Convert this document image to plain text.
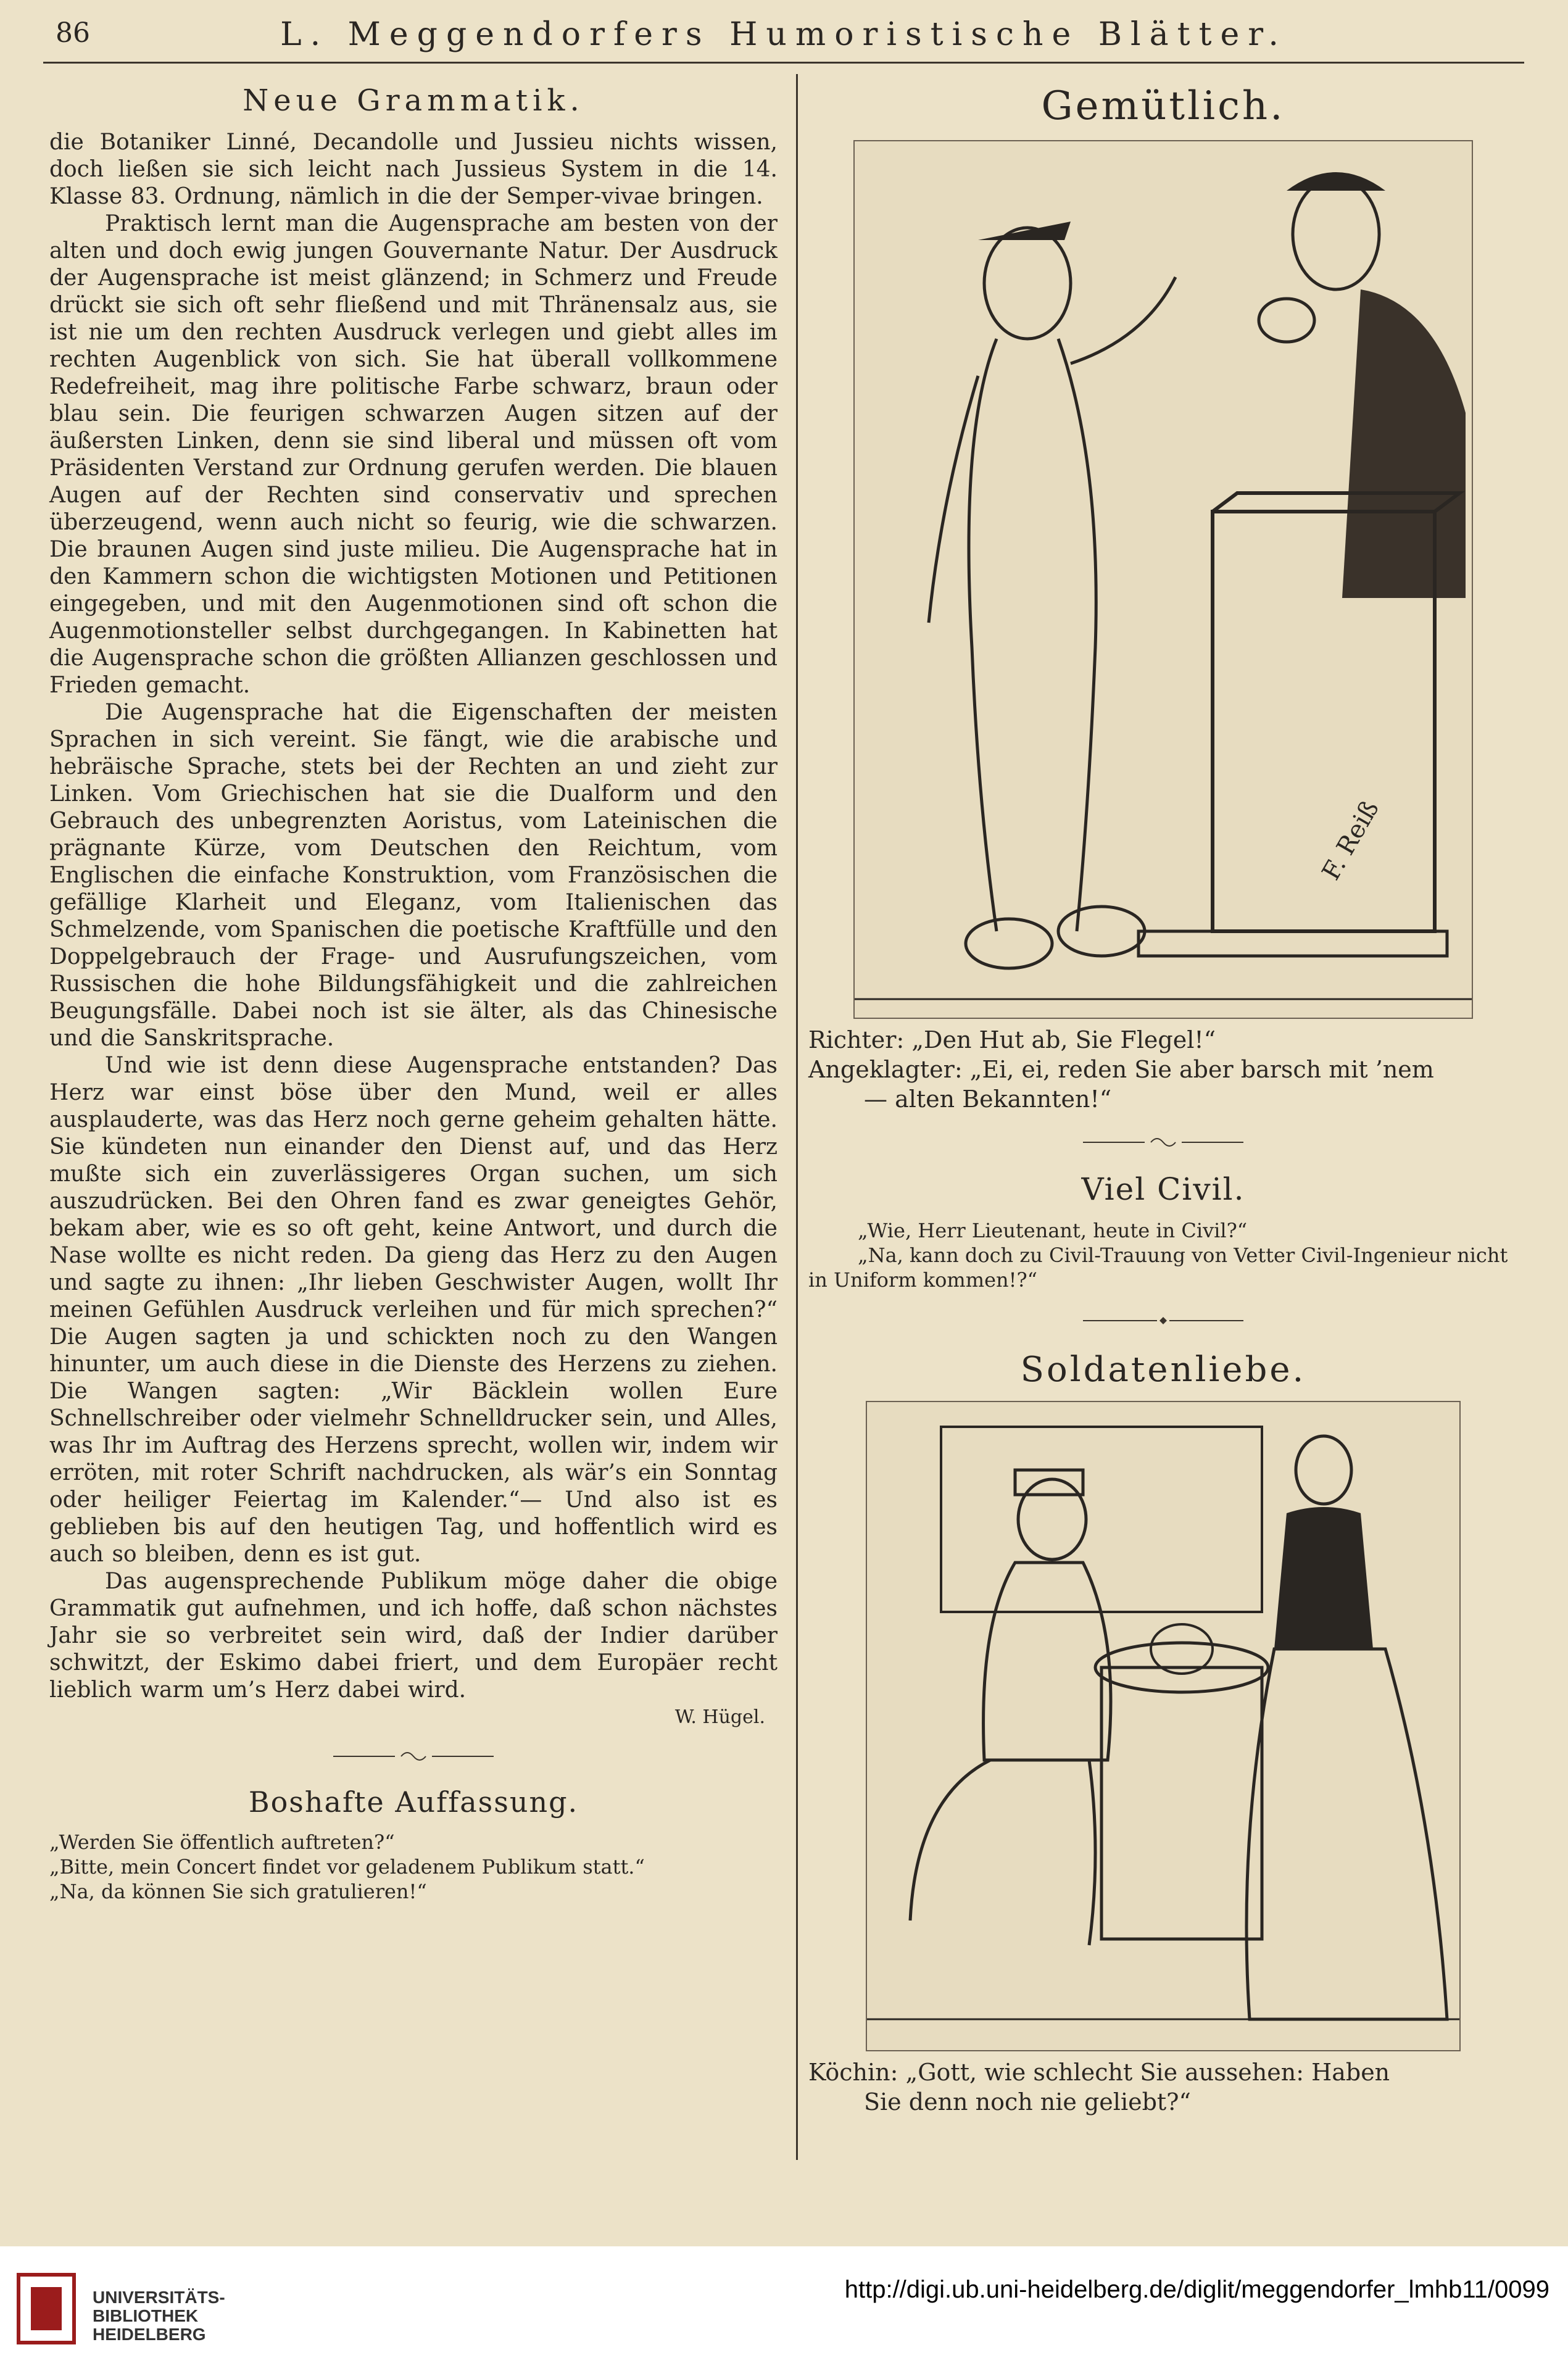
86	L. Meggendorfers Humoristische Blätter.
Neue Grammatik.

die Botaniker Linné, Decandolle und Jussieu nichts wissen, doch ließen sie sich leicht nach Jussieus System in die 14. Klasse 83. Ordnung, nämlich in die der Semper-vivae bringen.

Praktisch lernt man die Augensprache am besten von der alten und doch ewig jungen Gouvernante Natur. Der Ausdruck der Augensprache ist meist glänzend; in Schmerz und Freude drückt sie sich oft sehr fließend und mit Thränensalz aus, sie ist nie um den rechten Ausdruck verlegen und giebt alles im rechten Augenblick von sich. Sie hat überall vollkommene Redefreiheit, mag ihre politische Farbe schwarz, braun oder blau sein. Die feurigen schwarzen Augen sitzen auf der äußersten Linken, denn sie sind liberal und müssen oft vom Präsidenten Verstand zur Ordnung gerufen werden. Die blauen Augen auf der Rechten sind conservativ und sprechen überzeugend, wenn auch nicht so feurig, wie die schwarzen. Die braunen Augen sind juste milieu. Die Augensprache hat in den Kammern schon die wichtigsten Motionen und Petitionen eingegeben, und mit den Augenmotionen sind oft schon die Augenmotionsteller selbst durchgegangen. In Kabinetten hat die Augensprache schon die größten Allianzen geschlossen und Frieden gemacht.

Die Augensprache hat die Eigenschaften der meisten Sprachen in sich vereint. Sie fängt, wie die arabische und hebräische Sprache, stets bei der Rechten an und zieht zur Linken. Vom Griechischen hat sie die Dualform und den Gebrauch des unbegrenzten Aoristus, vom Lateinischen die prägnante Kürze, vom Deutschen den Reichtum, vom Englischen die einfache Konstruktion, vom Französischen die gefällige Klarheit und Eleganz, vom Italienischen das Schmelzende, vom Spanischen die poetische Kraftfülle und den Doppelgebrauch der Frage- und Ausrufungszeichen, vom Russischen die hohe Bildungsfähigkeit und die zahlreichen Beugungsfälle. Dabei noch ist sie älter, als das Chinesische und die Sanskritsprache.

Und wie ist denn diese Augensprache entstanden? Das Herz war einst böse über den Mund, weil er alles ausplauderte, was das Herz noch gerne geheim gehalten hätte. Sie kündeten nun einander den Dienst auf, und das Herz mußte sich ein zuverlässigeres Organ suchen, um sich auszudrücken. Bei den Ohren fand es zwar geneigtes Gehör, bekam aber, wie es so oft geht, keine Antwort, und durch die Nase wollte es nicht reden. Da gieng das Herz zu den Augen und sagte zu ihnen: „Ihr lieben Geschwister Augen, wollt Ihr meinen Gefühlen Ausdruck verleihen und für mich sprechen?“ Die Augen sagten ja und schickten noch zu den Wangen hinunter, um auch diese in die Dienste des Herzens zu ziehen. Die Wangen sagten: „Wir Bäcklein wollen Eure Schnellschreiber oder vielmehr Schnelldrucker sein, und Alles, was Ihr im Auftrag des Herzens sprecht, wollen wir, indem wir erröten, mit roter Schrift nachdrucken, als wär’s ein Sonntag oder heiliger Feiertag im Kalender.“— Und also ist es geblieben bis auf den heutigen Tag, und hoffentlich wird es auch so bleiben, denn es ist gut.

Das augensprechende Publikum möge daher die obige Grammatik gut aufnehmen, und ich hoffe, daß schon nächstes Jahr sie so verbreitet sein wird, daß der Indier darüber schwitzt, der Eskimo dabei friert, und dem Europäer recht lieblich warm um’s Herz dabei wird.

W. Hügel.
Boshafte Auffassung.

„Werden Sie öffentlich auftreten?“

„Bitte, mein Concert findet vor geladenem Publikum statt.“

„Na, da können Sie sich gratulieren!“

Gemütlich.
F. Reiß

Richter: „Den Hut ab, Sie Flegel!“
Angeklagter: „Ei, ei, reden Sie aber barsch mit ’nem
— alten Bekannten!“

Viel Civil.

„Wie, Herr Lieutenant, heute in Civil?“

„Na, kann doch zu Civil-Trauung von Vetter Civil-Ingenieur nicht in Uniform kommen!?“

Soldatenliebe.

Köchin: „Gott, wie schlecht Sie aussehen: Haben
Sie denn noch nie geliebt?“

UNIVERSITÄTS-
BIBLIOTHEK
HEIDELBERG
http://digi.ub.uni-heidelberg.de/diglit/meggendorfer_lmhb11/0099
